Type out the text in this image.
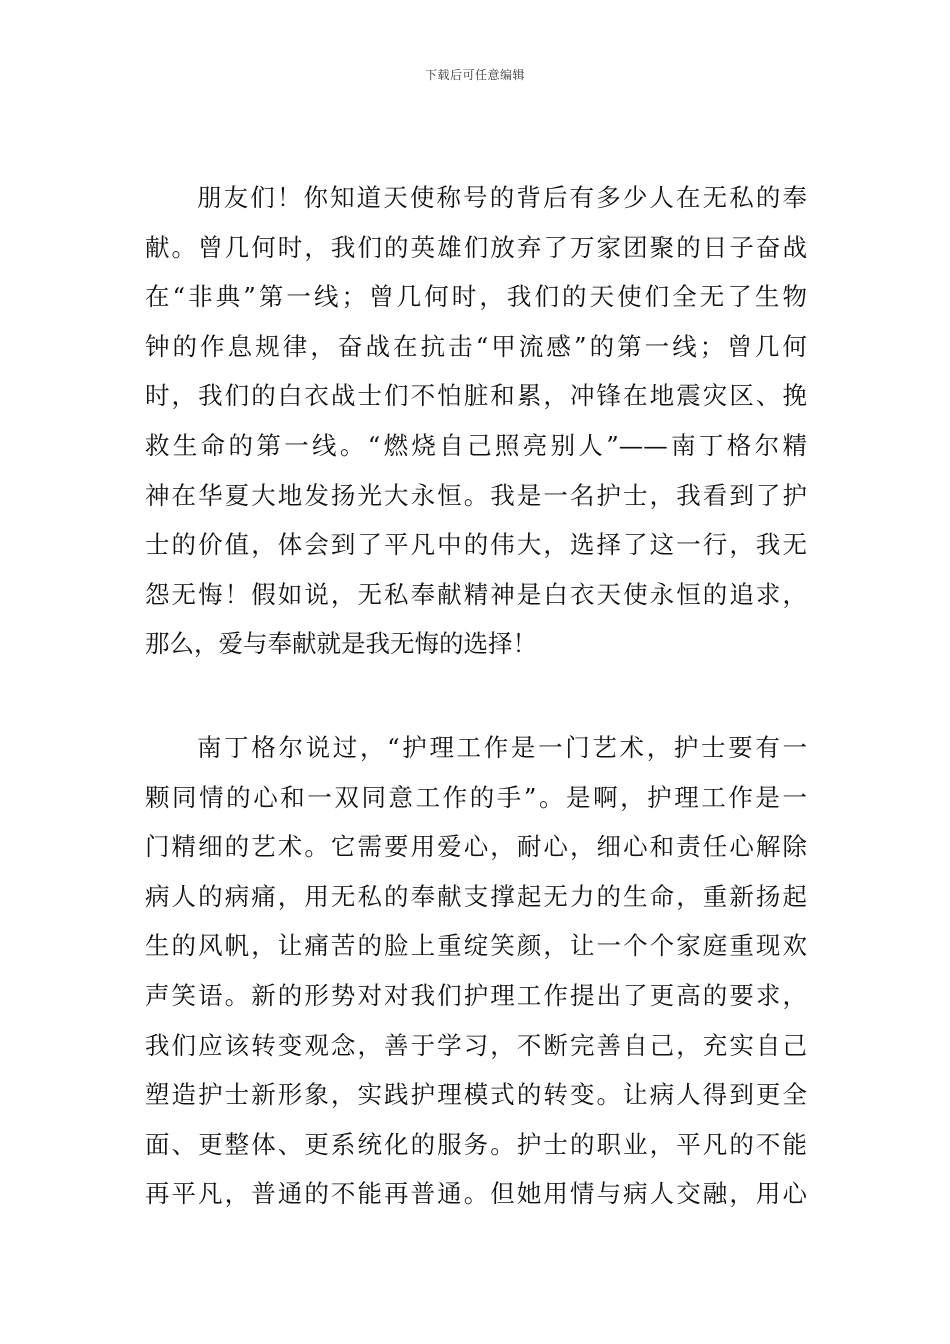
下载后可任意编辑
朋友们！你知道天使称号的背后有多少人在无私的奉
献。曾几何时，我们的英雄们放弃了万家团聚的日子奋战
在“非典”第一线；曾几何时，我们的天使们全无了生物
钟的作息规律，奋战在抗击“甲流感”的第一线；曾几何
时，我们的白衣战士们不怕脏和累，冲锋在地震灾区、挽
救生命的第一线。“燃烧自己照亮别人”——南丁格尔精
神在华夏大地发扬光大永恒。我是一名护士，我看到了护
士的价值，体会到了平凡中的伟大，选择了这一行，我无
怨无悔！假如说，无私奉献精神是白衣天使永恒的追求，
那么，爱与奉献就是我无悔的选择！
南丁格尔说过，“护理工作是一门艺术，护士要有一
颗同情的心和一双同意工作的手”。是啊，护理工作是一
门精细的艺术。它需要用爱心，耐心，细心和责任心解除
病人的病痛，用无私的奉献支撑起无力的生命，重新扬起
生的风帆，让痛苦的脸上重绽笑颜，让一个个家庭重现欢
声笑语。新的形势对对我们护理工作提出了更高的要求，
我们应该转变观念，善于学习，不断完善自己，充实自己
塑造护士新形象，实践护理模式的转变。让病人得到更全
面、更整体、更系统化的服务。护士的职业，平凡的不能
再平凡，普通的不能再普通。但她用情与病人交融，用心
